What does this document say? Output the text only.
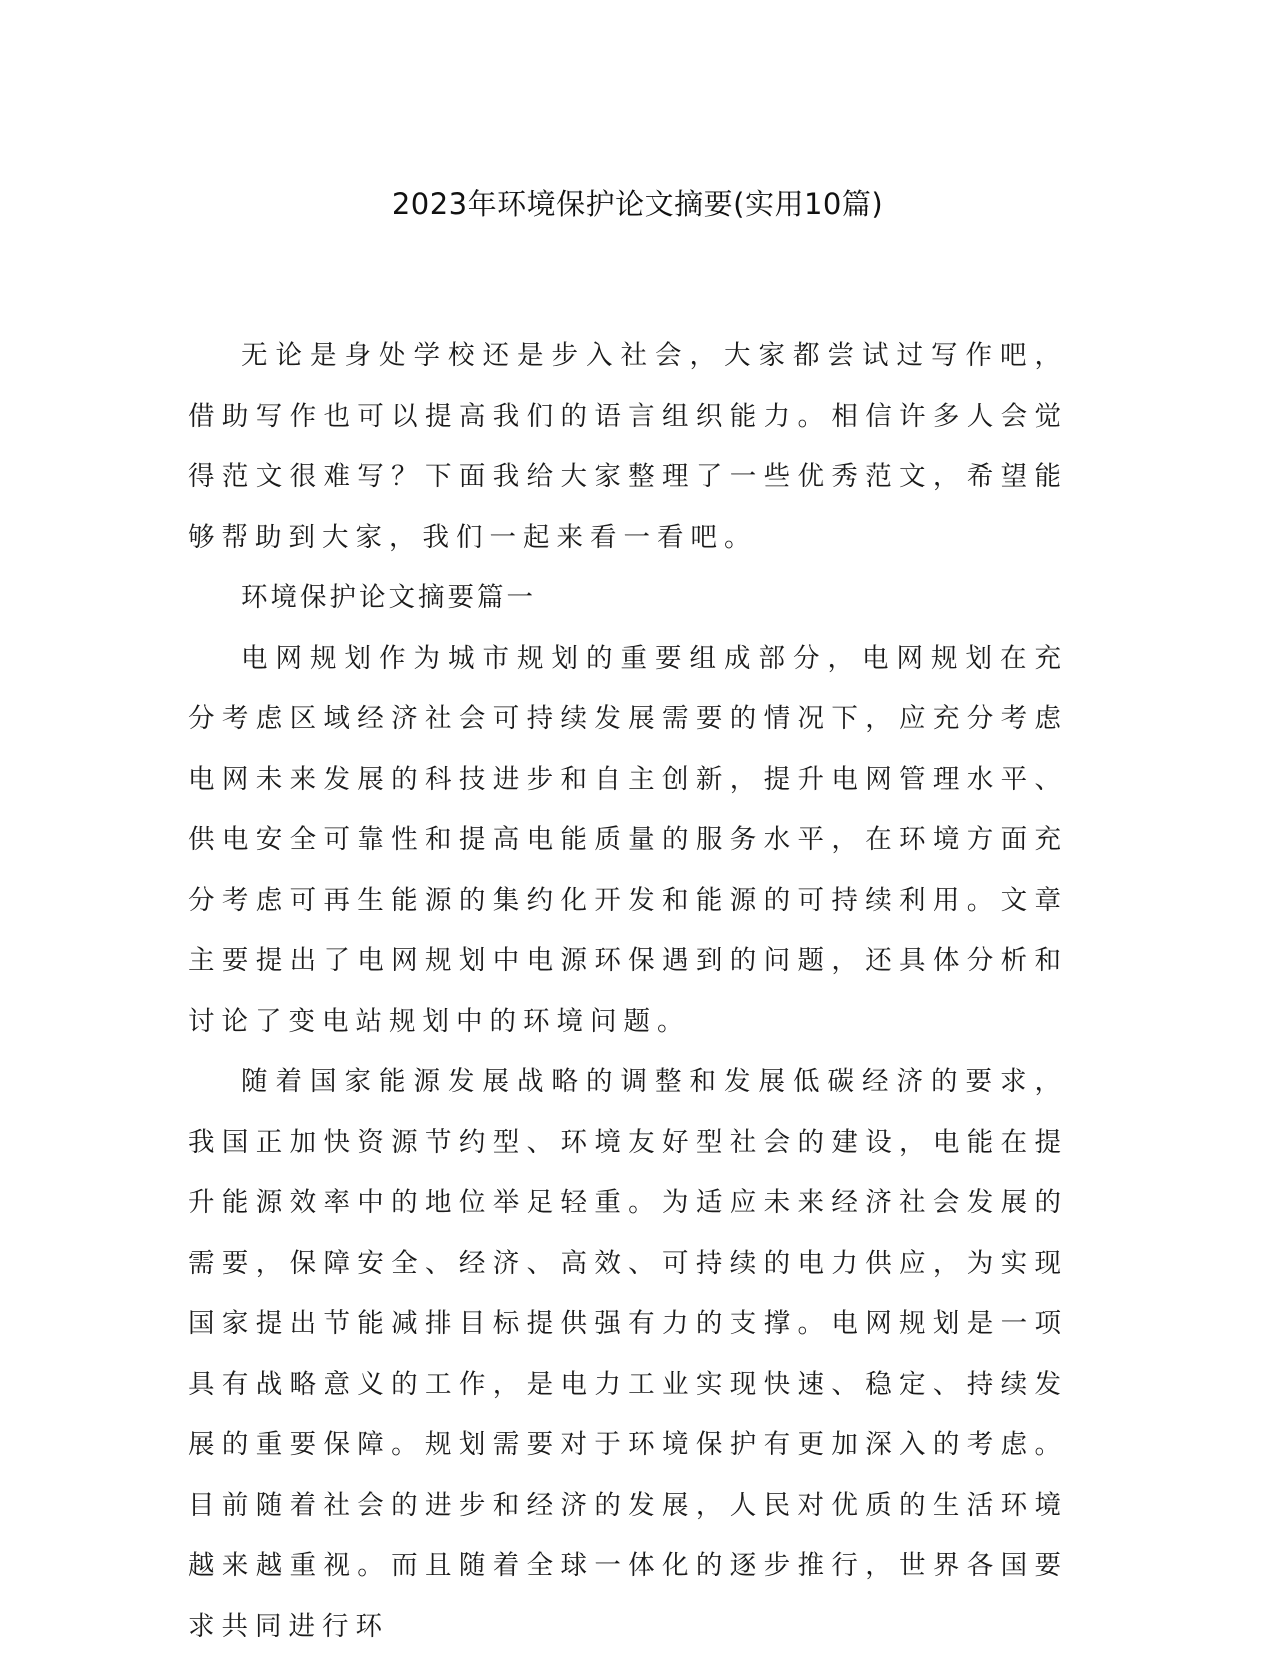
2023年环境保护论文摘要(实用10篇)

无论是身处学校还是步入社会，大家都尝试过写作吧，借助写作也可以提高我们的语言组织能力。相信许多人会觉得范文很难写？下面我给大家整理了一些优秀范文，希望能够帮助到大家，我们一起来看一看吧。

环境保护论文摘要篇一

电网规划作为城市规划的重要组成部分，电网规划在充分考虑区域经济社会可持续发展需要的情况下，应充分考虑电网未来发展的科技进步和自主创新，提升电网管理水平、供电安全可靠性和提高电能质量的服务水平，在环境方面充分考虑可再生能源的集约化开发和能源的可持续利用。文章主要提出了电网规划中电源环保遇到的问题，还具体分析和讨论了变电站规划中的环境问题。

随着国家能源发展战略的调整和发展低碳经济的要求，我国正加快资源节约型、环境友好型社会的建设，电能在提升能源效率中的地位举足轻重。为适应未来经济社会发展的需要，保障安全、经济、高效、可持续的电力供应，为实现国家提出节能减排目标提供强有力的支撑。电网规划是一项具有战略意义的工作，是电力工业实现快速、稳定、持续发展的重要保障。规划需要对于环境保护有更加深入的考虑。目前随着社会的进步和经济的发展，人民对优质的生活环境越来越重视。而且随着全球一体化的逐步推行，世界各国要求共同进行环
